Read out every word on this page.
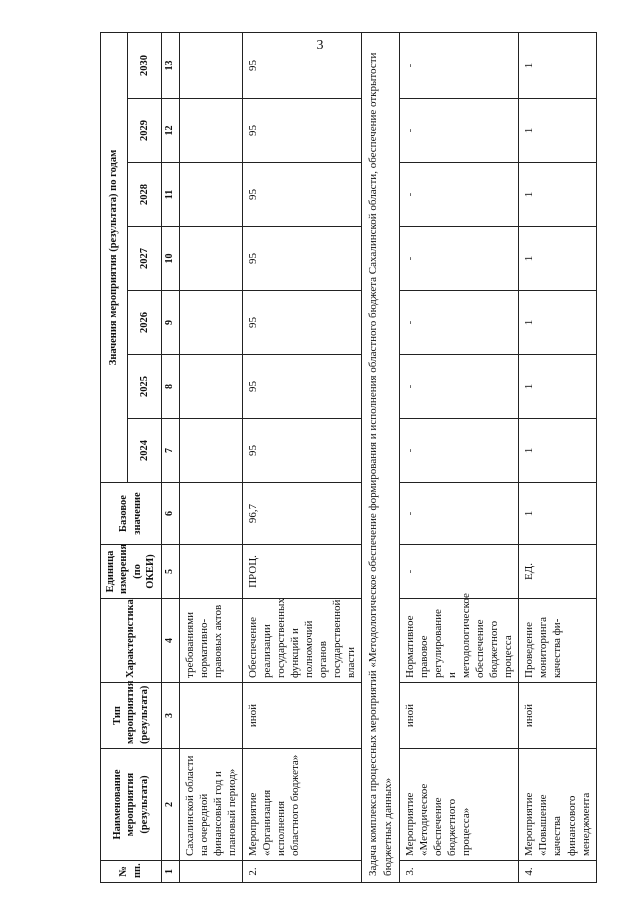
3
№ пп.	Наименование мероприятия (результата)	Тип мероприятия (результата)	Характеристика	Единица измерения (по ОКЕИ)	Базовое значение	Значения мероприятия (результата) по годам						
						2024	2025	2026	2027	2028	2029	2030
1	2	3	4	5	6	7	8	9	10	11	12	13
	Сахалинской области на очередной финансовый год и плановый период»		требованиями нормативно-правовых актов									
2.	Мероприятие «Организация исполнения областного бюджета»	иной	Обеспечение реализации государственных функций и полномочий органов государственной власти	ПРОЦ.	96,7	95	95	95	95	95	95	95
Задача комплекса процессных мероприятий «Методологическое обеспечение формирования и исполнения областного бюджета Сахалинской области, обеспечение открытости бюджетных данных»												
3.	Мероприятие «Методическое обеспечение бюджетного процесса»	иной	Нормативное правовое регулирование и методологическое обеспечение бюджетного процесса	-	-	-	-	-	-	-	-	-
4.	Мероприятие «Повышение качества финансового менеджмента	иной	Проведение мониторинга качества фи-	ЕД.	1	1	1	1	1	1	1	1
